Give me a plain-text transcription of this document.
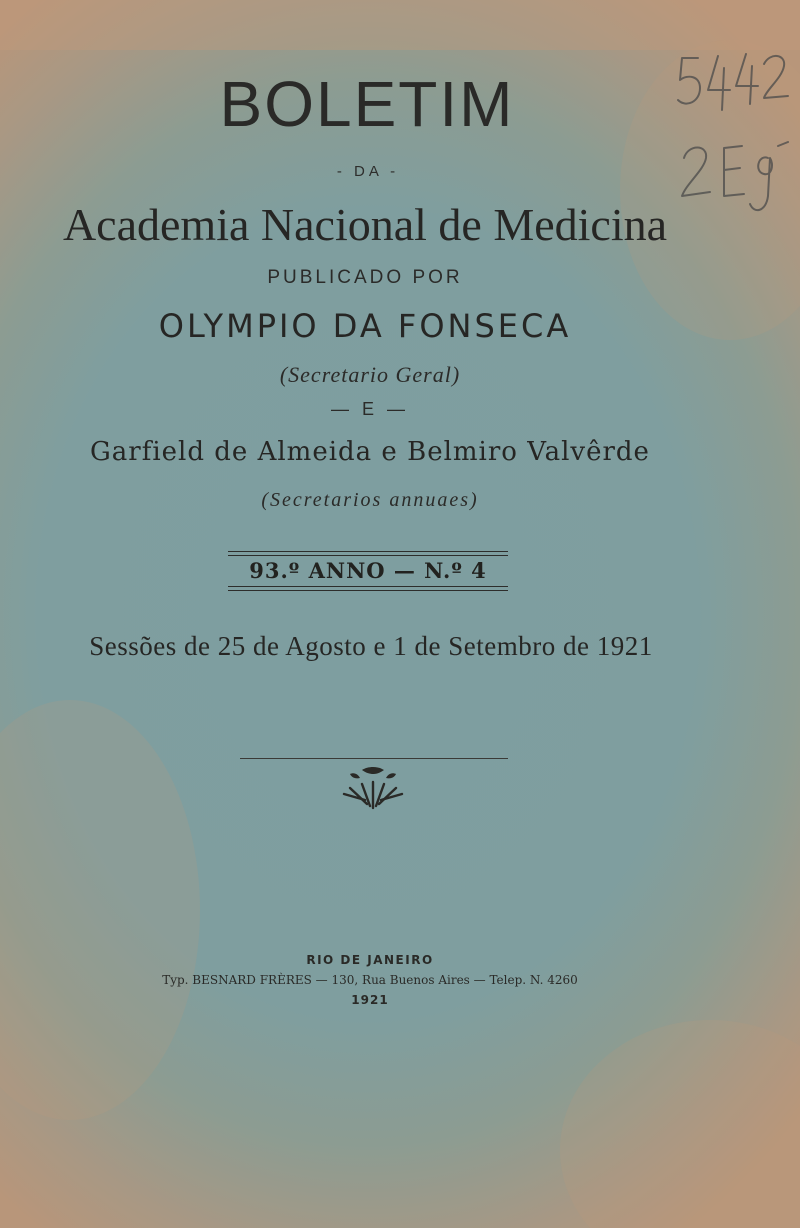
BOLETIM
- DA -
Academia Nacional de Medicina
PUBLICADO POR
OLYMPIO DA FONSECA
(Secretario Geral)
— E —
Garfield de Almeida e Belmiro Valvêrde
(Secretarios annuaes)
93.º ANNO — N.º 4
Sessões de 25 de Agosto e 1 de Setembro de 1921
RIO DE JANEIRO
Typ. BESNARD FRÈRES — 130, Rua Buenos Aires — Telep. N. 4260
1921
